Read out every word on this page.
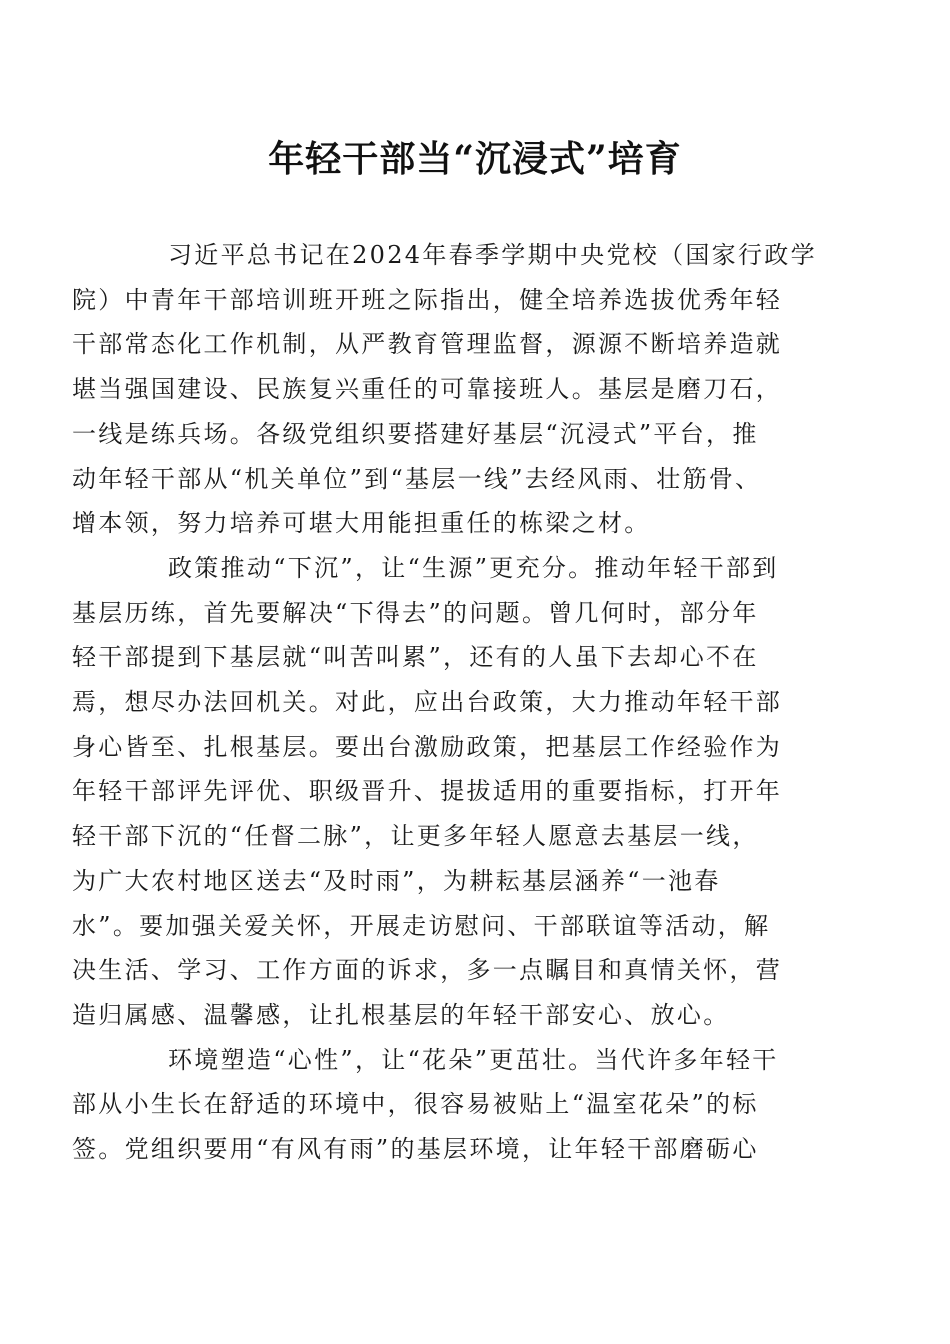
年轻干部当“沉浸式”培育

习近平总书记在2024年春季学期中央党校（国家行政学
院）中青年干部培训班开班之际指出，健全培养选拔优秀年轻
干部常态化工作机制，从严教育管理监督，源源不断培养造就
堪当强国建设、民族复兴重任的可靠接班人。基层是磨刀石，
一线是练兵场。各级党组织要搭建好基层“沉浸式”平台，推
动年轻干部从“机关单位”到“基层一线”去经风雨、壮筋骨、
增本领，努力培养可堪大用能担重任的栋梁之材。

政策推动“下沉”，让“生源”更充分。推动年轻干部到
基层历练，首先要解决“下得去”的问题。曾几何时，部分年
轻干部提到下基层就“叫苦叫累”，还有的人虽下去却心不在
焉，想尽办法回机关。对此，应出台政策，大力推动年轻干部
身心皆至、扎根基层。要出台激励政策，把基层工作经验作为
年轻干部评先评优、职级晋升、提拔适用的重要指标，打开年
轻干部下沉的“任督二脉”，让更多年轻人愿意去基层一线，
为广大农村地区送去“及时雨”，为耕耘基层涵养“一池春
水”。要加强关爱关怀，开展走访慰问、干部联谊等活动，解
决生活、学习、工作方面的诉求，多一点瞩目和真情关怀，营
造归属感、温馨感，让扎根基层的年轻干部安心、放心。

环境塑造“心性”，让“花朵”更茁壮。当代许多年轻干
部从小生长在舒适的环境中，很容易被贴上“温室花朵”的标
签。党组织要用“有风有雨”的基层环境，让年轻干部磨砺心
